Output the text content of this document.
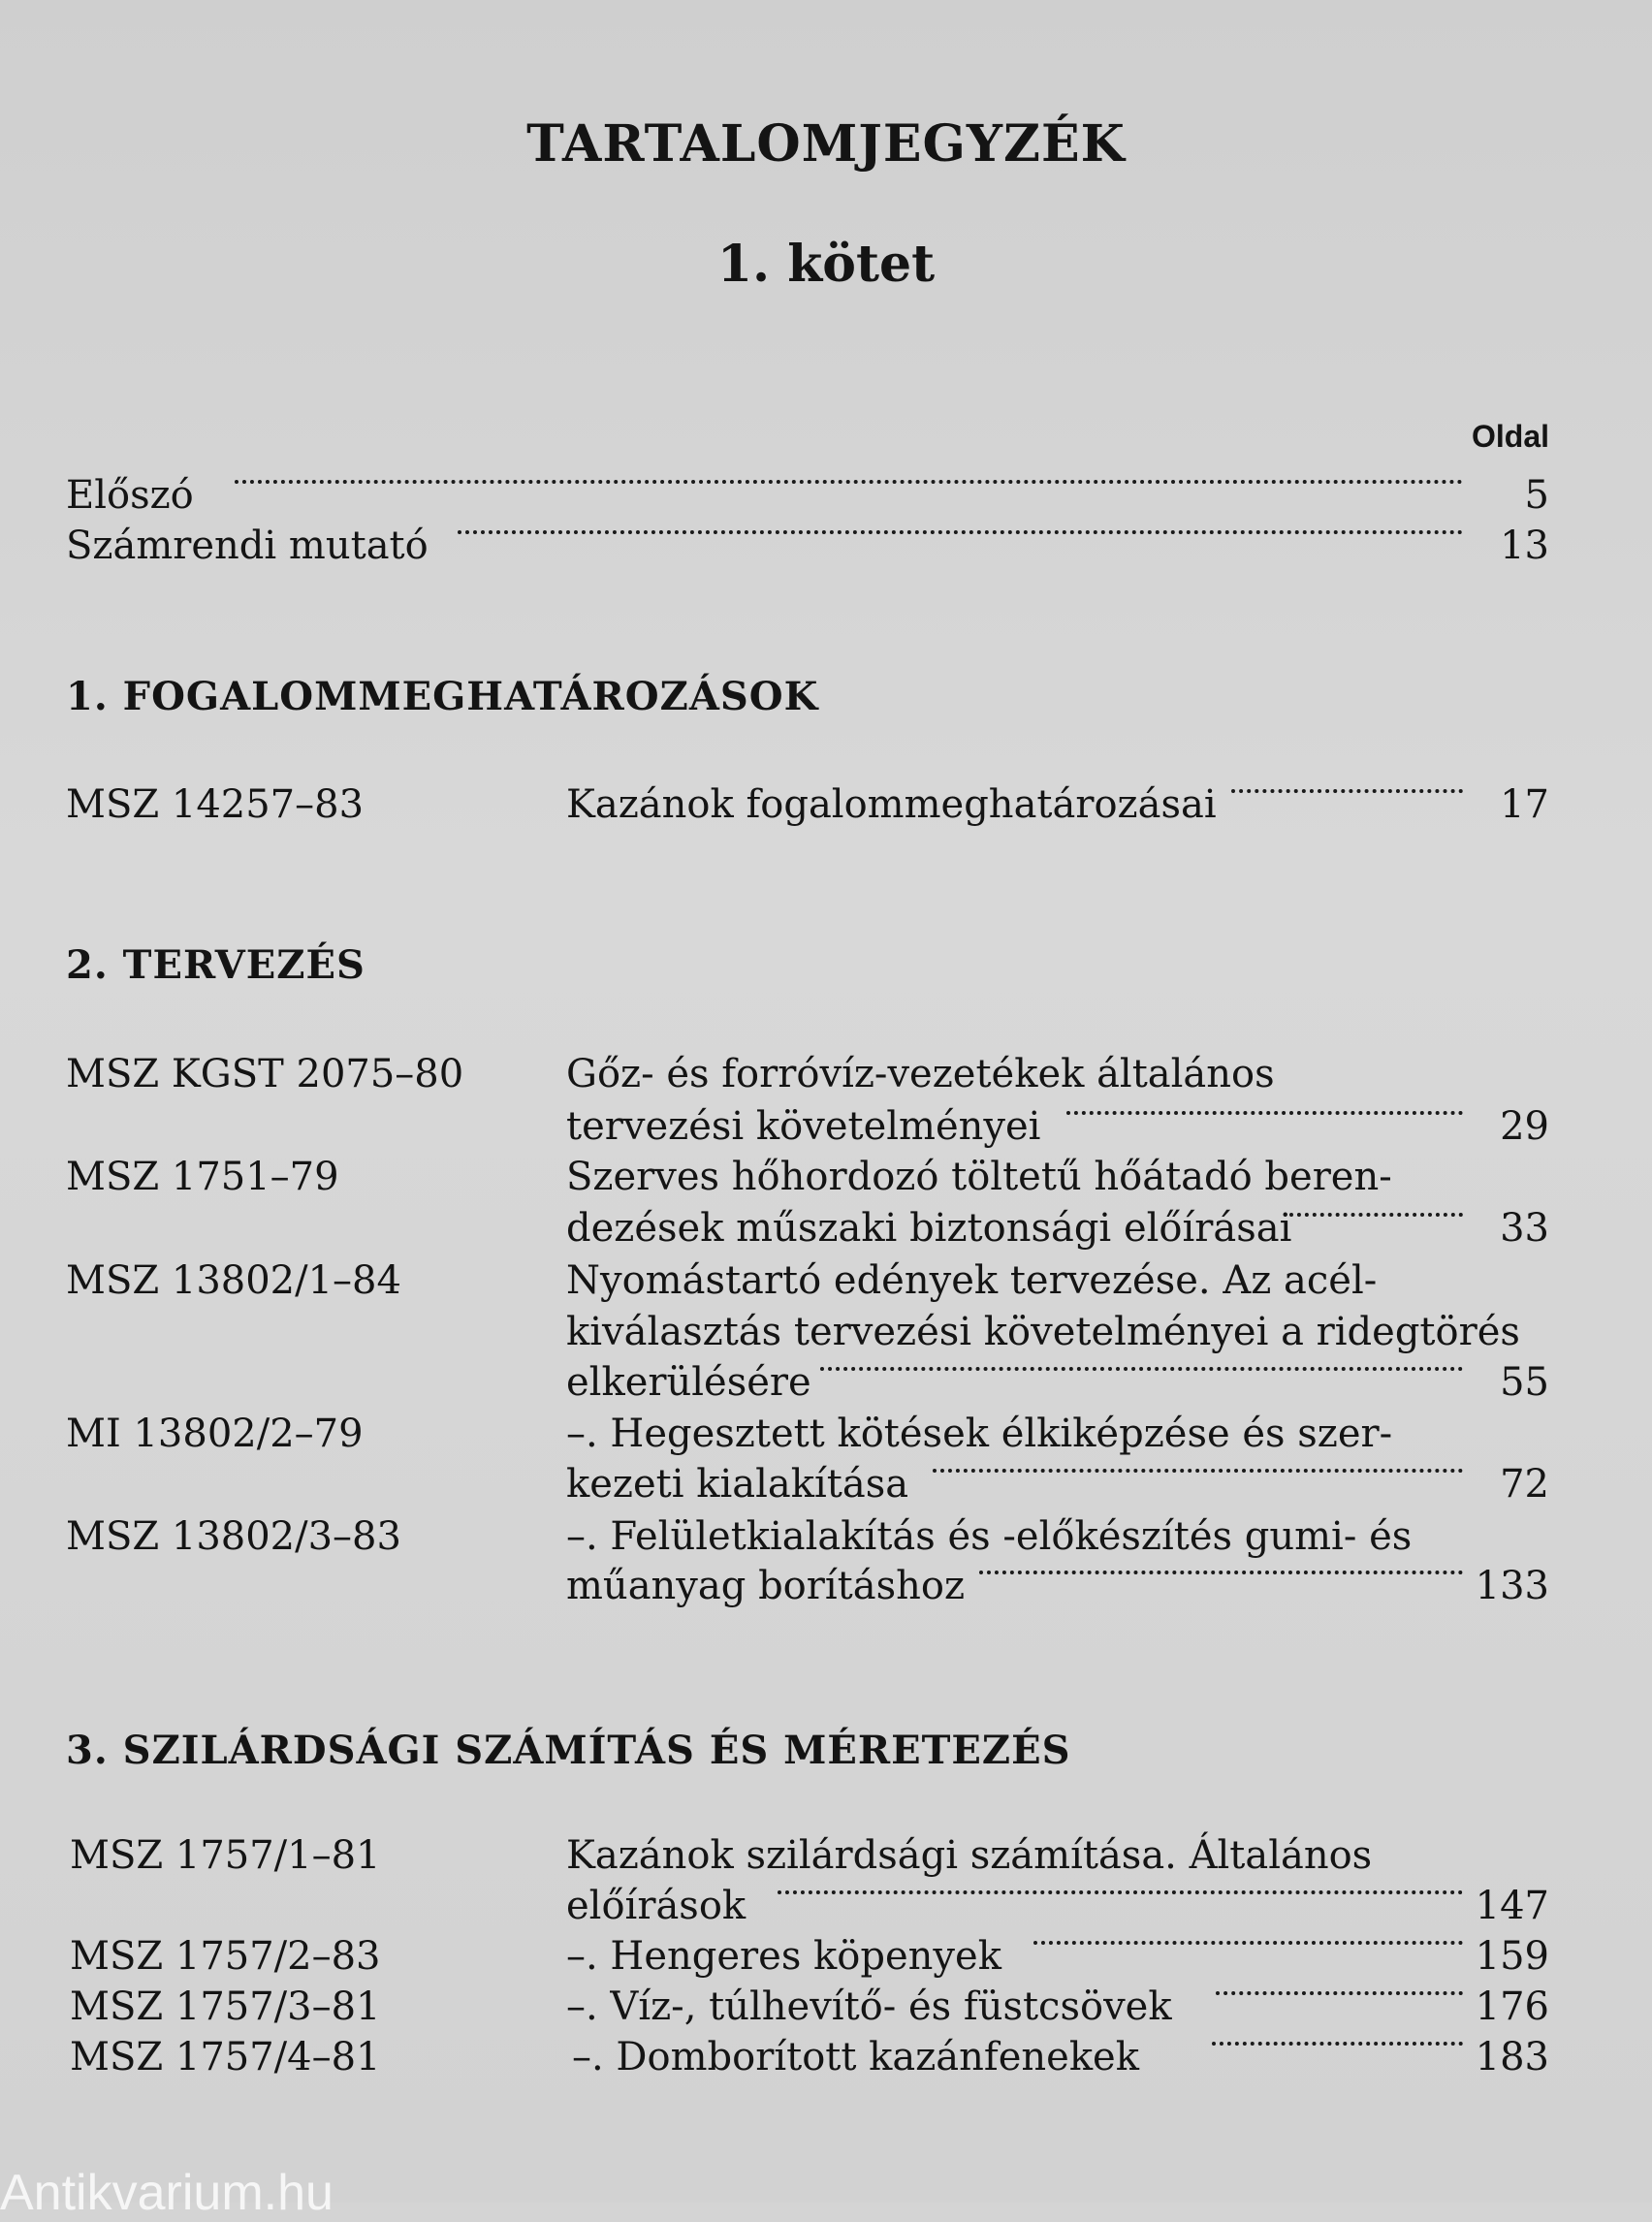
TARTALOMJEGYZÉK
1. kötet
Oldal
Előszó	5
Számrendi mutató	13
1. FOGALOMMEGHATÁROZÁSOK
MSZ 14257–83	Kazánok fogalommeghatározásai	17
2. TERVEZÉS
MSZ KGST 2075–80	Gőz- és forróvíz-vezetékek általános
tervezési követelményei	29
MSZ 1751–79	Szerves hőhordozó töltetű hőátadó beren-
dezések műszaki biztonsági előírásai	33
MSZ 13802/1–84	Nyomástartó edények tervezése. Az acél-
kiválasztás tervezési követelményei a ridegtörés
elkerülésére	55
MI 13802/2–79	–. Hegesztett kötések élkiképzése és szer-
kezeti kialakítása	72
MSZ 13802/3–83	–. Felületkialakítás és -előkészítés gumi- és
műanyag borításhoz	133
3. SZILÁRDSÁGI SZÁMÍTÁS ÉS MÉRETEZÉS
MSZ 1757/1–81	Kazánok szilárdsági számítása. Általános
előírások	147
MSZ 1757/2–83	–. Hengeres köpenyek	159
MSZ 1757/3–81	–. Víz-, túlhevítő- és füstcsövek	176
MSZ 1757/4–81	–. Domborított kazánfenekek	183
Antikvarium.hu
